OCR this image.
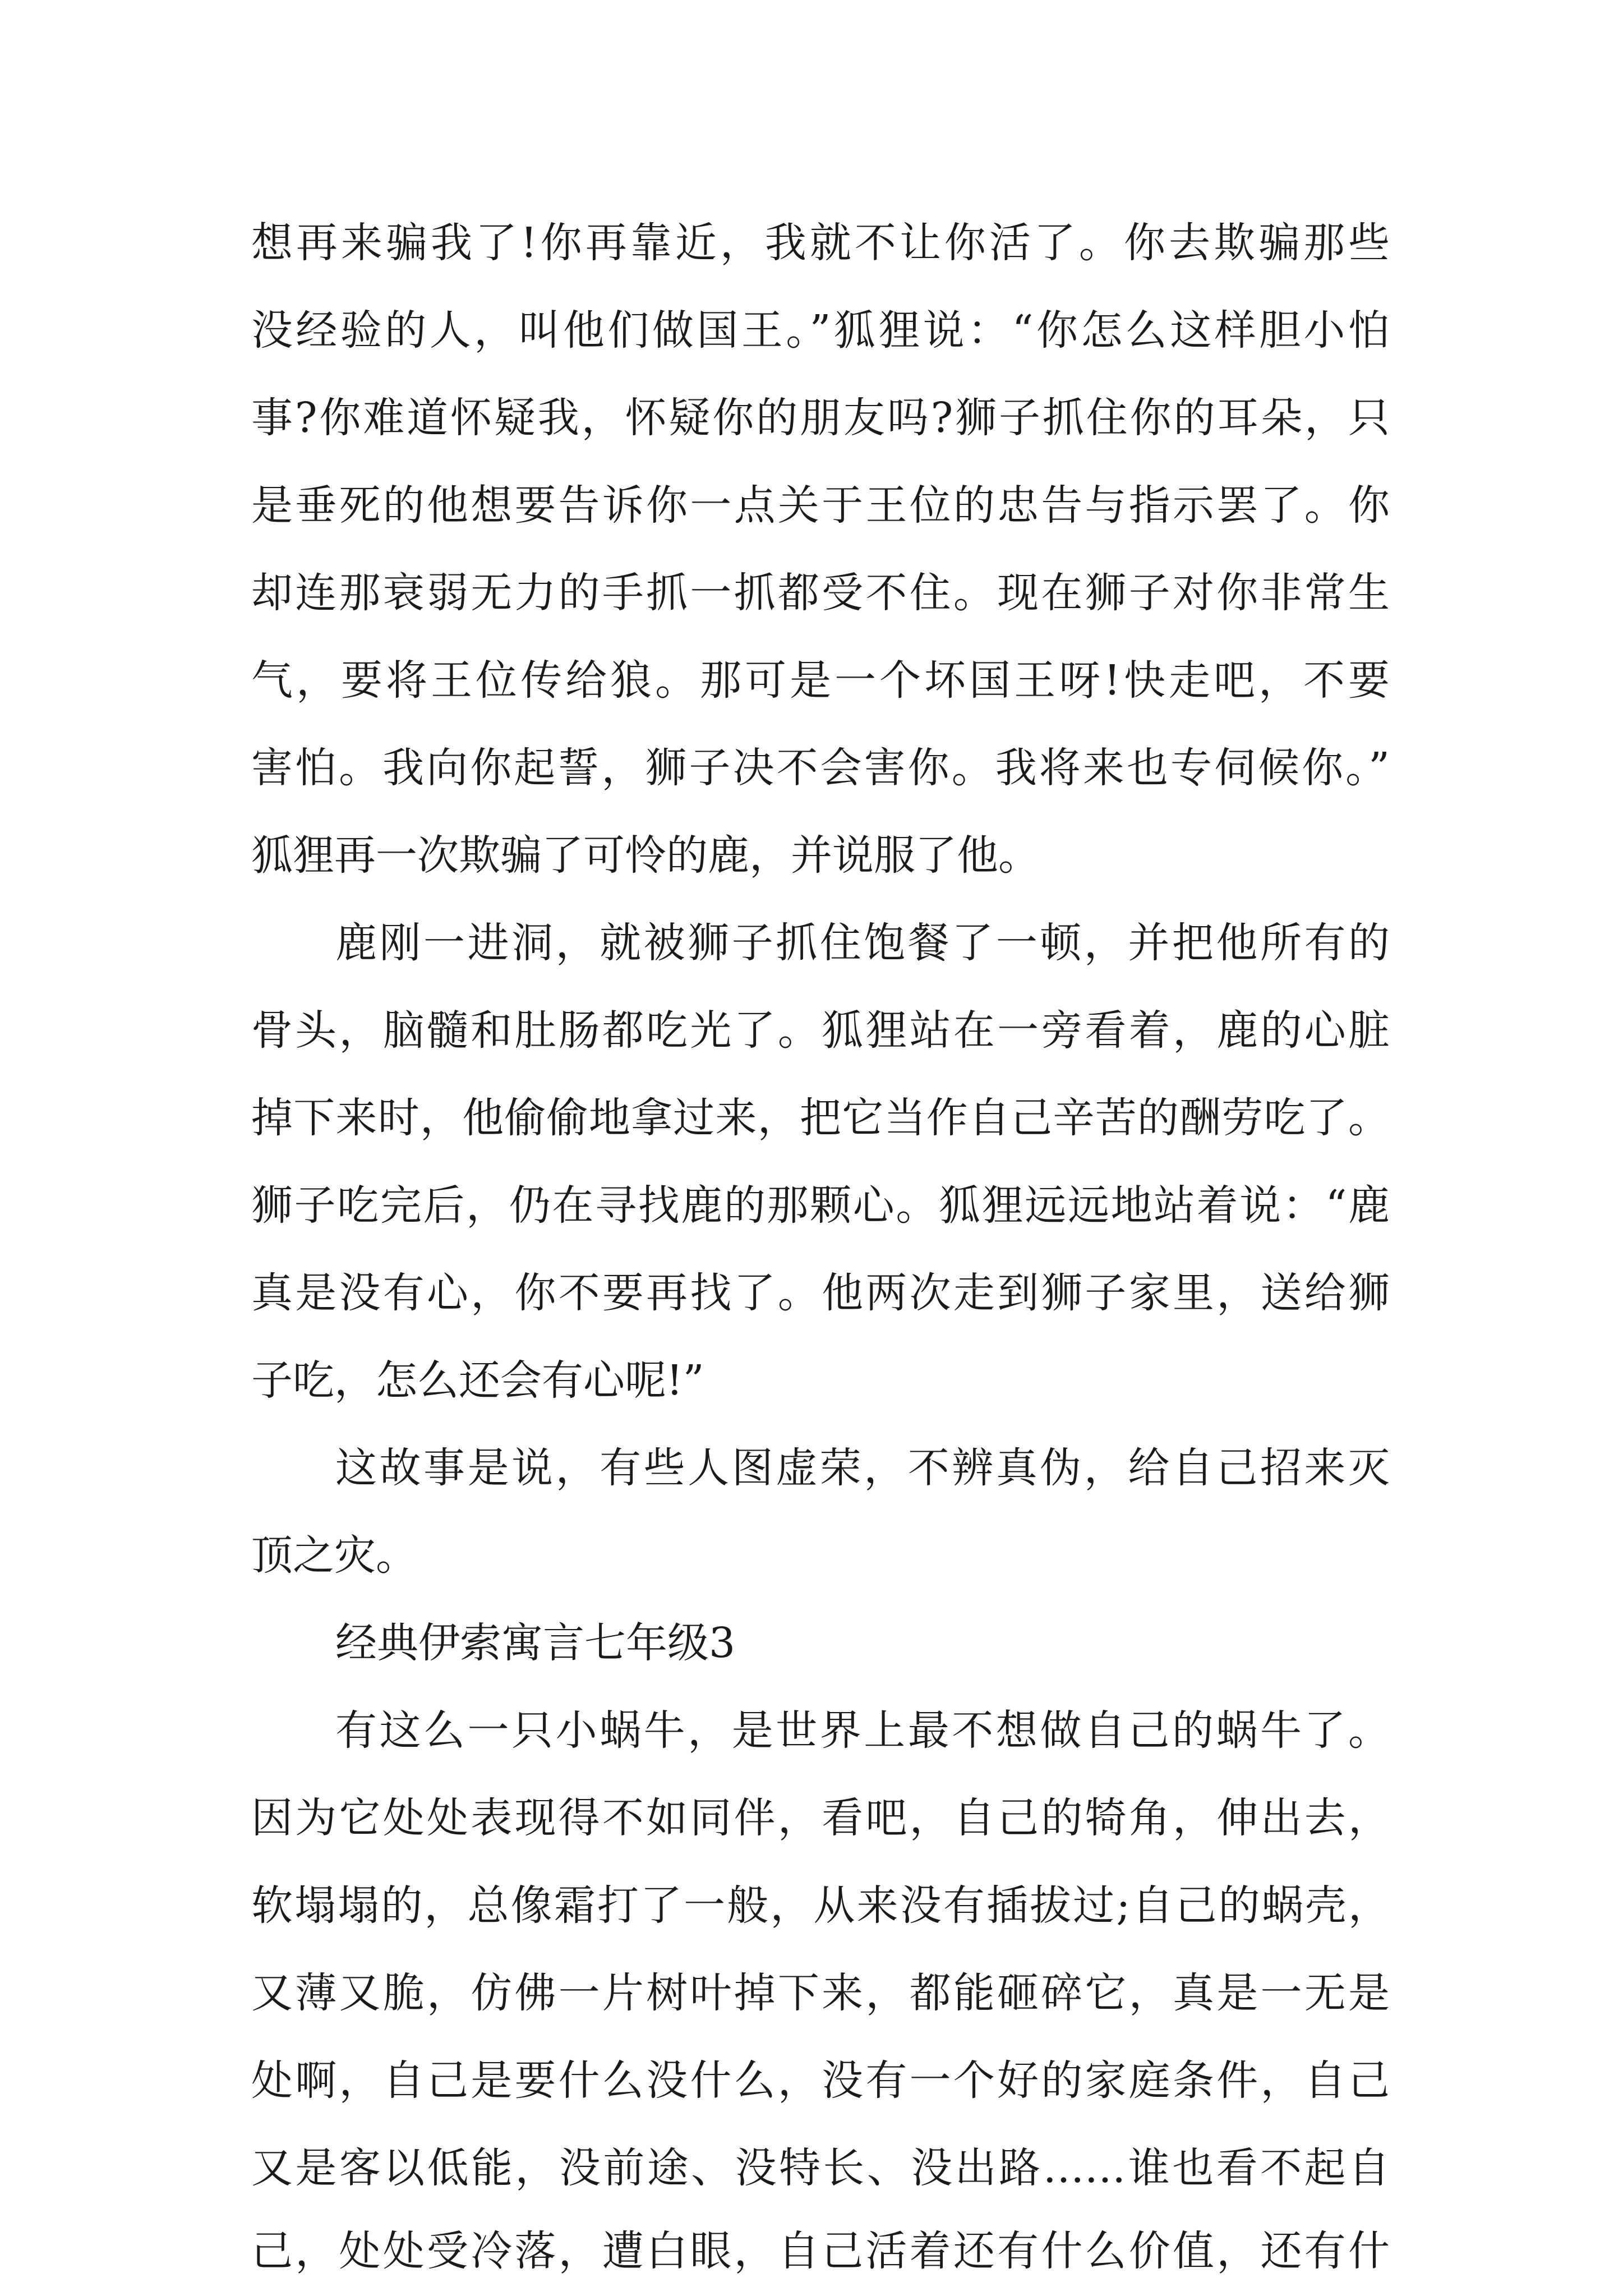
想再来骗我了!你再靠近，我就不让你活了。你去欺骗那些

没经验的人，叫他们做国王。”狐狸说：“你怎么这样胆小怕

事?你难道怀疑我，怀疑你的朋友吗?狮子抓住你的耳朵，只

是垂死的他想要告诉你一点关于王位的忠告与指示罢了。你

却连那衰弱无力的手抓一抓都受不住。现在狮子对你非常生

气，要将王位传给狼。那可是一个坏国王呀!快走吧，不要

害怕。我向你起誓，狮子决不会害你。我将来也专伺候你。”

狐狸再一次欺骗了可怜的鹿，并说服了他。

鹿刚一进洞，就被狮子抓住饱餐了一顿，并把他所有的

骨头，脑髓和肚肠都吃光了。狐狸站在一旁看着，鹿的心脏

掉下来时，他偷偷地拿过来，把它当作自己辛苦的酬劳吃了。

狮子吃完后，仍在寻找鹿的那颗心。狐狸远远地站着说：“鹿

真是没有心，你不要再找了。他两次走到狮子家里，送给狮

子吃，怎么还会有心呢!”

这故事是说，有些人图虚荣，不辨真伪，给自己招来灭

顶之灾。

经典伊索寓言七年级3

有这么一只小蜗牛，是世界上最不想做自己的蜗牛了。

因为它处处表现得不如同伴，看吧，自己的犄角，伸出去，

软塌塌的，总像霜打了一般，从来没有插拔过;自己的蜗壳，

又薄又脆，仿佛一片树叶掉下来，都能砸碎它，真是一无是

处啊，自己是要什么没什么，没有一个好的家庭条件，自己

又是客以低能，没前途、没特长、没出路……谁也看不起自

己，处处受冷落，遭白眼，自己活着还有什么价值，还有什
